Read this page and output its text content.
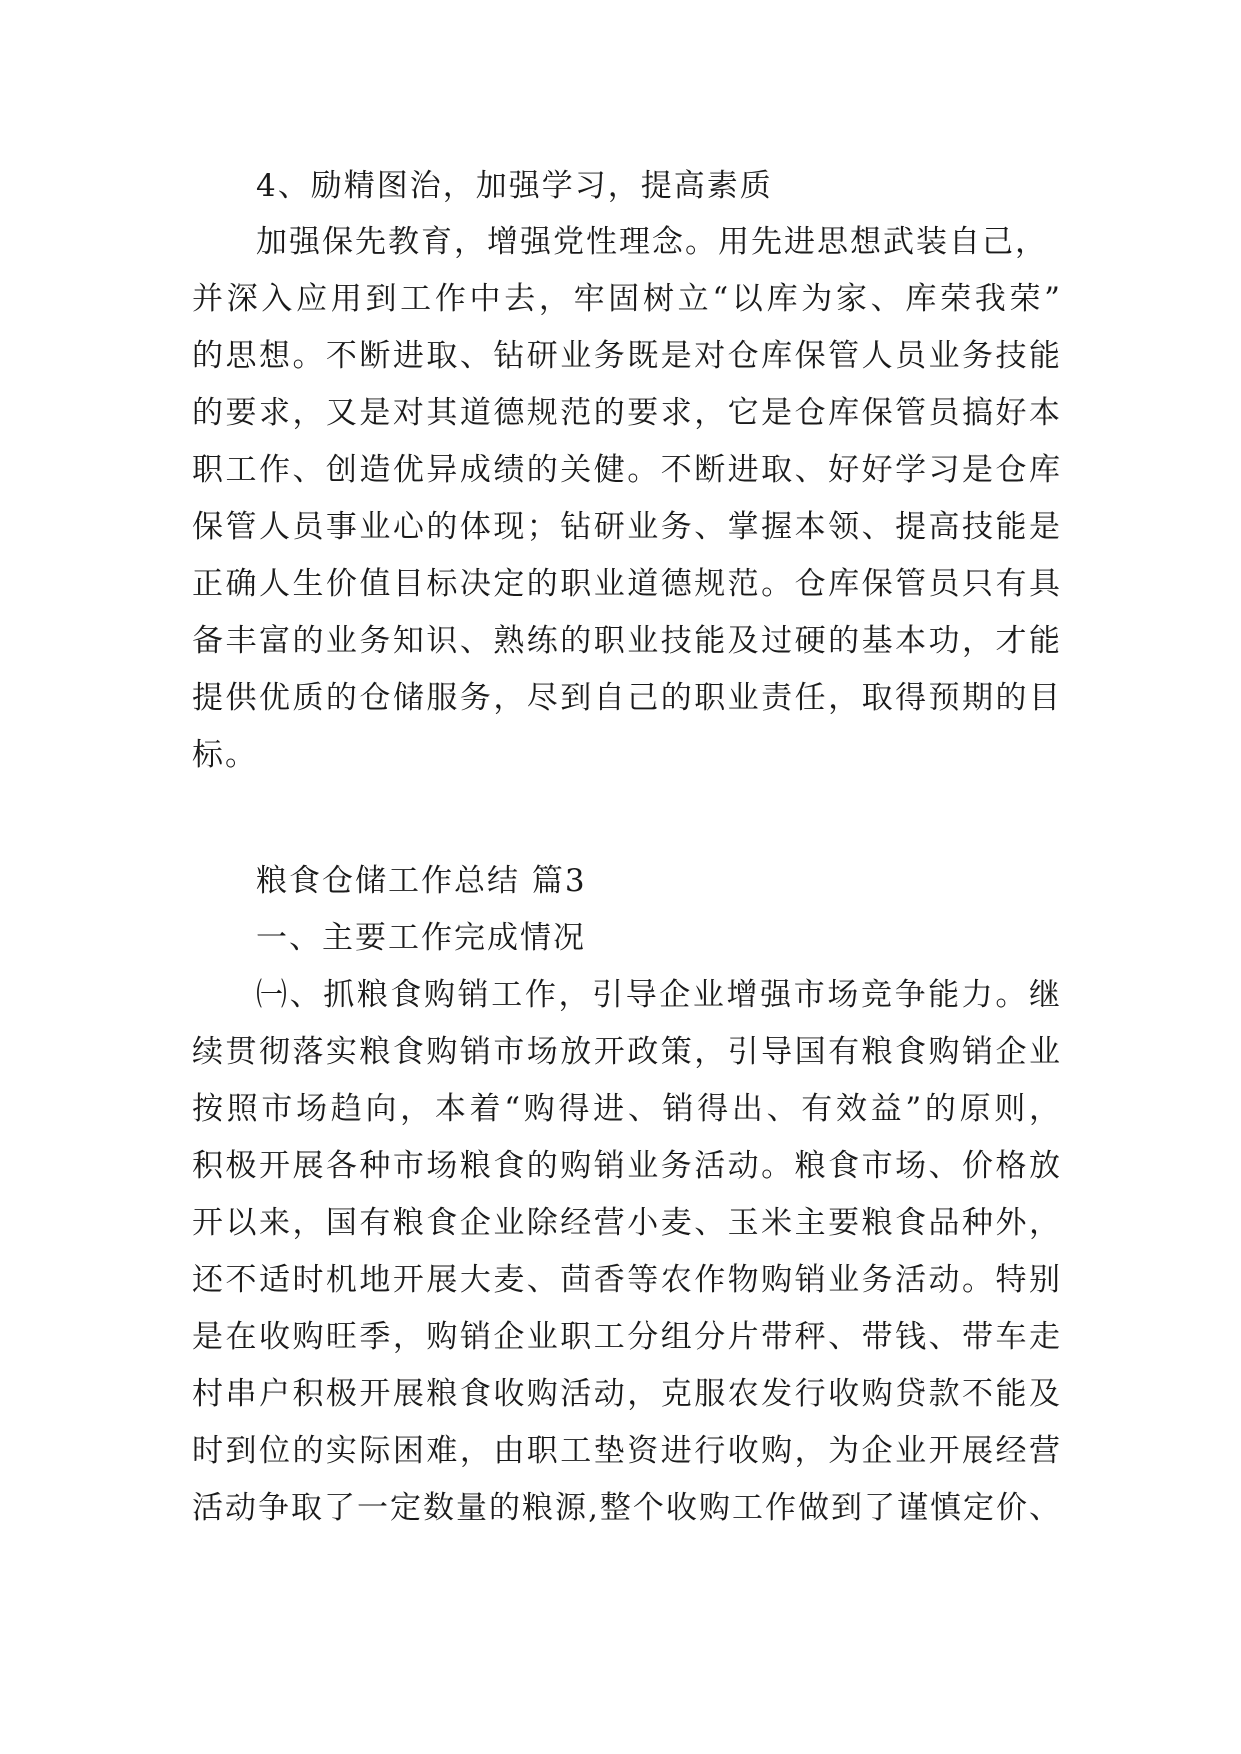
4、励精图治，加强学习，提高素质
加强保先教育，增强党性理念。用先进思想武装自己，
并深入应用到工作中去，牢固树立“以库为家、库荣我荣”
的思想。不断进取、钻研业务既是对仓库保管人员业务技能
的要求，又是对其道德规范的要求，它是仓库保管员搞好本
职工作、创造优异成绩的关健。不断进取、好好学习是仓库
保管人员事业心的体现；钻研业务、掌握本领、提高技能是
正确人生价值目标决定的职业道德规范。仓库保管员只有具
备丰富的业务知识、熟练的职业技能及过硬的基本功，才能
提供优质的仓储服务，尽到自己的职业责任，取得预期的目
标。
粮食仓储工作总结 篇3
一、主要工作完成情况
㈠、抓粮食购销工作，引导企业增强市场竞争能力。继
续贯彻落实粮食购销市场放开政策，引导国有粮食购销企业
按照市场趋向，本着“购得进、销得出、有效益”的原则，
积极开展各种市场粮食的购销业务活动。粮食市场、价格放
开以来，国有粮食企业除经营小麦、玉米主要粮食品种外，
还不适时机地开展大麦、茴香等农作物购销业务活动。特别
是在收购旺季，购销企业职工分组分片带秤、带钱、带车走
村串户积极开展粮食收购活动，克服农发行收购贷款不能及
时到位的实际困难，由职工垫资进行收购，为企业开展经营
活动争取了一定数量的粮源,整个收购工作做到了谨慎定价、
